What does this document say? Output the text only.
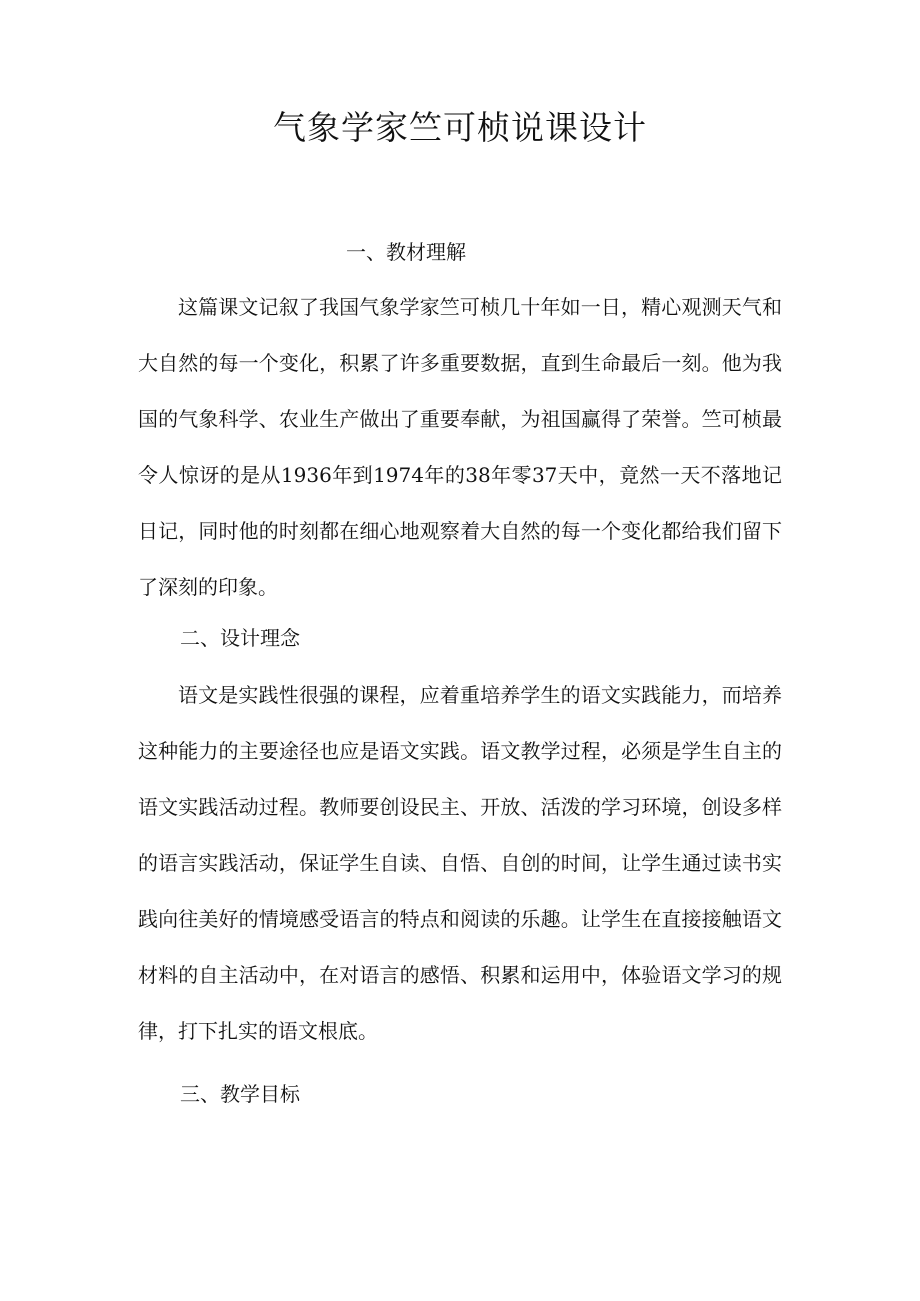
气象学家竺可桢说课设计
一、教材理解

这篇课文记叙了我国气象学家竺可桢几十年如一日，精心观测天气和大自然的每一个变化，积累了许多重要数据，直到生命最后一刻。他为我国的气象科学、农业生产做出了重要奉献，为祖国赢得了荣誉。竺可桢最令人惊讶的是从1936年到1974年的38年零37天中，竟然一天不落地记日记，同时他的时刻都在细心地观察着大自然的每一个变化都给我们留下了深刻的印象。

二、设计理念

语文是实践性很强的课程，应着重培养学生的语文实践能力，而培养这种能力的主要途径也应是语文实践。语文教学过程，必须是学生自主的语文实践活动过程。教师要创设民主、开放、活泼的学习环境，创设多样的语言实践活动，保证学生自读、自悟、自创的时间，让学生通过读书实践向往美好的情境感受语言的特点和阅读的乐趣。让学生在直接接触语文材料的自主活动中，在对语言的感悟、积累和运用中，体验语文学习的规律，打下扎实的语文根底。

三、教学目标
